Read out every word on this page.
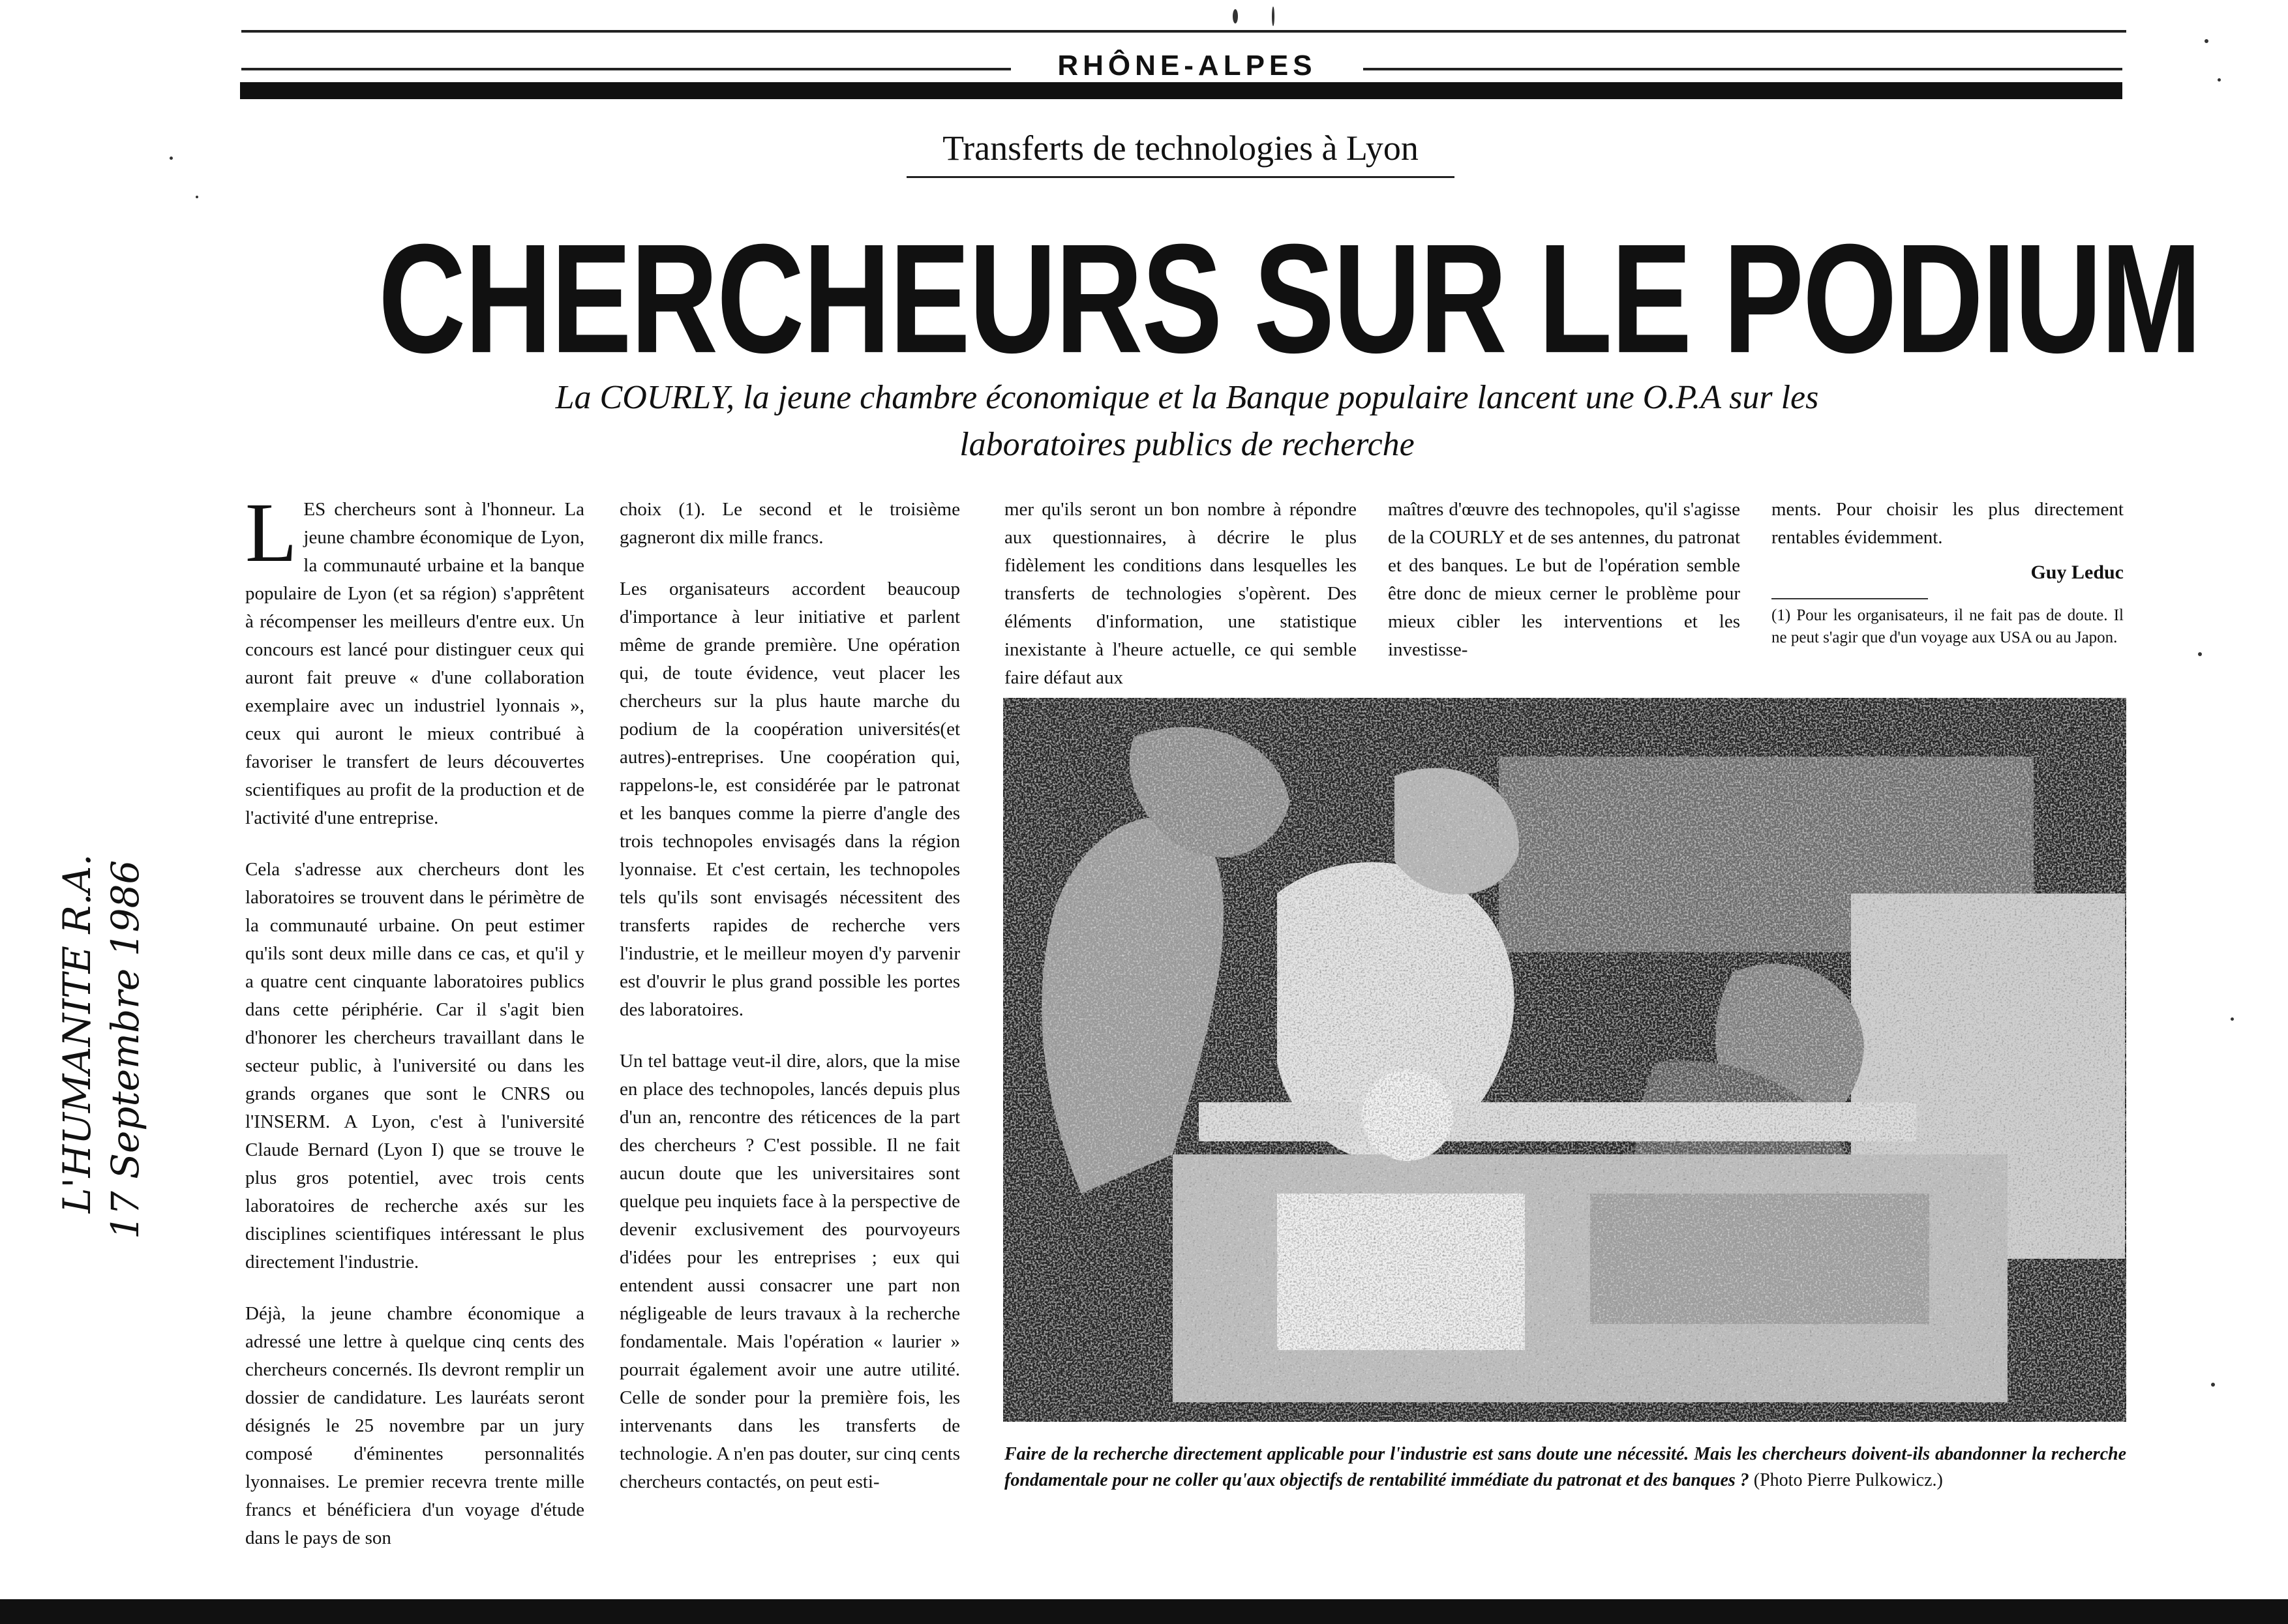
RHÔNE-ALPES
Transferts de technologies à Lyon
CHERCHEURS SUR LE PODIUM
La COURLY, la jeune chambre économique et la Banque populaire lancent une O.P.A sur les laboratoires publics de recherche
L'HUMANITE R.A. 17 Septembre 1986

LES chercheurs sont à l'honneur. La jeune chambre économique de Lyon, la communauté urbaine et la banque populaire de Lyon (et sa région) s'apprêtent à récompenser les meilleurs d'entre eux. Un concours est lancé pour distinguer ceux qui auront fait preuve « d'une collaboration exemplaire avec un industriel lyonnais », ceux qui auront le mieux contribué à favoriser le transfert de leurs découvertes scientifiques au profit de la production et de l'activité d'une entreprise.

Cela s'adresse aux chercheurs dont les laboratoires se trouvent dans le périmètre de la communauté urbaine. On peut estimer qu'ils sont deux mille dans ce cas, et qu'il y a quatre cent cinquante laboratoires publics dans cette périphérie. Car il s'agit bien d'honorer les chercheurs travaillant dans le secteur public, à l'université ou dans les grands organes que sont le CNRS ou l'INSERM. A Lyon, c'est à l'université Claude Bernard (Lyon I) que se trouve le plus gros potentiel, avec trois cents laboratoires de recherche axés sur les disciplines scientifiques intéressant le plus directement l'industrie.

Déjà, la jeune chambre économique a adressé une lettre à quelque cinq cents des chercheurs concernés. Ils devront remplir un dossier de candidature. Les lauréats seront désignés le 25 novembre par un jury composé d'éminentes personnalités lyonnaises. Le premier recevra trente mille francs et bénéficiera d'un voyage d'étude dans le pays de son

choix (1). Le second et le troisième gagneront dix mille francs.

Les organisateurs accordent beaucoup d'importance à leur initiative et parlent même de grande première. Une opération qui, de toute évidence, veut placer les chercheurs sur la plus haute marche du podium de la coopération universités(et autres)-entreprises. Une coopération qui, rappelons-le, est considérée par le patronat et les banques comme la pierre d'angle des trois technopoles envisagés dans la région lyonnaise. Et c'est certain, les technopoles tels qu'ils sont envisagés nécessitent des transferts rapides de recherche vers l'industrie, et le meilleur moyen d'y parvenir est d'ouvrir le plus grand possible les portes des laboratoires.

Un tel battage veut-il dire, alors, que la mise en place des technopoles, lancés depuis plus d'un an, rencontre des réticences de la part des chercheurs ? C'est possible. Il ne fait aucun doute que les universitaires sont quelque peu inquiets face à la perspective de devenir exclusivement des pourvoyeurs d'idées pour les entreprises ; eux qui entendent aussi consacrer une part non négligeable de leurs travaux à la recherche fondamentale. Mais l'opération « laurier » pourrait également avoir une autre utilité. Celle de sonder pour la première fois, les intervenants dans les transferts de technologie. A n'en pas douter, sur cinq cents chercheurs contactés, on peut esti-

mer qu'ils seront un bon nombre à répondre aux questionnaires, à décrire le plus fidèlement les conditions dans lesquelles les transferts de technologies s'opèrent. Des éléments d'information, une statistique inexistante à l'heure actuelle, ce qui semble faire défaut aux

maîtres d'œuvre des technopoles, qu'il s'agisse de la COURLY et de ses antennes, du patronat et des banques. Le but de l'opération semble être donc de mieux cerner le problème pour mieux cibler les interventions et les investisse-

ments. Pour choisir les plus directement rentables évidemment.

Guy Leduc
(1) Pour les organisateurs, il ne fait pas de doute. Il ne peut s'agir que d'un voyage aux USA ou au Japon.
Faire de la recherche directement applicable pour l'industrie est sans doute une nécessité. Mais les chercheurs doivent-ils abandonner la recherche fondamentale pour ne coller qu'aux objectifs de rentabilité immédiate du patronat et des banques ? (Photo Pierre Pulkowicz.)
